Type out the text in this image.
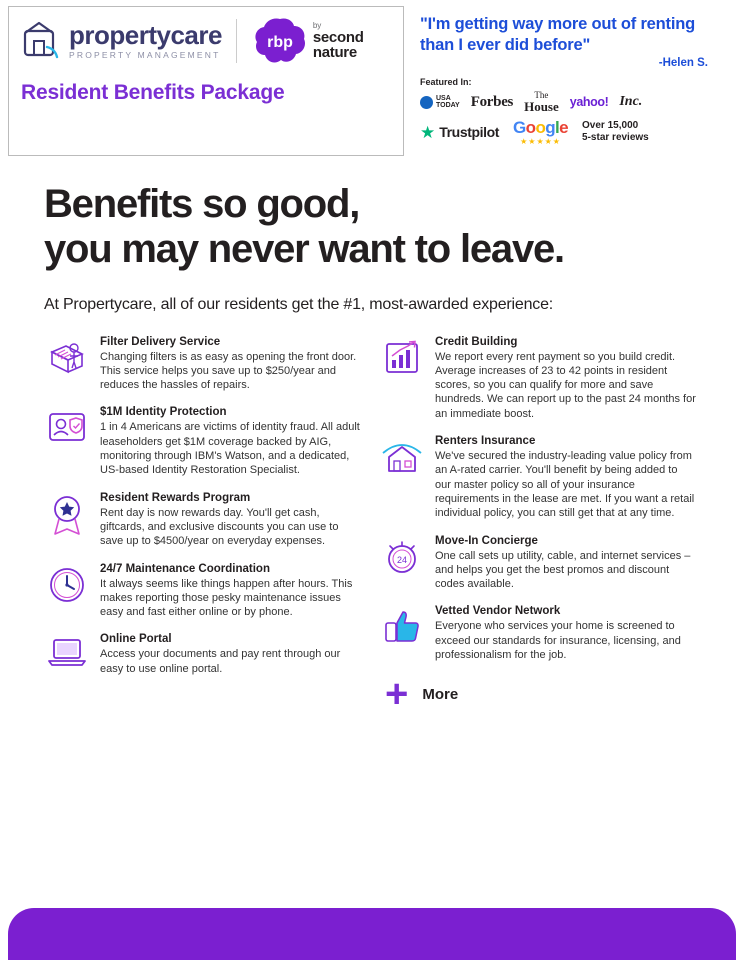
propertycare
PROPERTY MANAGEMENT
rbp
by
second nature
Resident Benefits Package
"I'm getting way more out of renting than I ever did before"
-Helen S.
Featured In:
USA
TODAY Forbes	The
House yahoo! Inc.
★ Trustpilot Google
★★★★★
Over 15,000
5-star reviews
Benefits so good,
you may never want to leave.
At Propertycare, all of our residents get the #1, most-awarded experience:
Filter Delivery Service
Changing filters is as easy as opening the front door. This service helps you save up to $250/year and reduces the hassles of repairs.
$1M Identity Protection
1 in 4 Americans are victims of identity fraud. All adult leaseholders get $1M coverage backed by AIG, monitoring through IBM's Watson, and a dedicated, US-based Identity Restoration Specialist.
Resident Rewards Program
Rent day is now rewards day. You'll get cash, giftcards, and exclusive discounts you can use to save up to $4500/year on everyday expenses.
24/7 Maintenance Coordination
It always seems like things happen after hours. This makes reporting those pesky maintenance issues easy and fast either online or by phone.
Online Portal
Access your documents and pay rent through our easy to use online portal.
Credit Building
We report every rent payment so you build credit. Average increases of 23 to 42 points in resident scores, so you can qualify for more and save hundreds. We can report up to the past 24 months for an immediate boost.
Renters Insurance
We've secured the industry-leading value policy from an A-rated carrier. You'll benefit by being added to our master policy so all of your insurance requirements in the lease are met. If you want a retail individual policy, you can still get that at any time.
24
Move-In Concierge
One call sets up utility, cable, and internet services – and helps you get the best promos and discount codes available.
Vetted Vendor Network
Everyone who services your home is screened to exceed our standards for insurance, licensing, and professionalism for the job.
+ More
